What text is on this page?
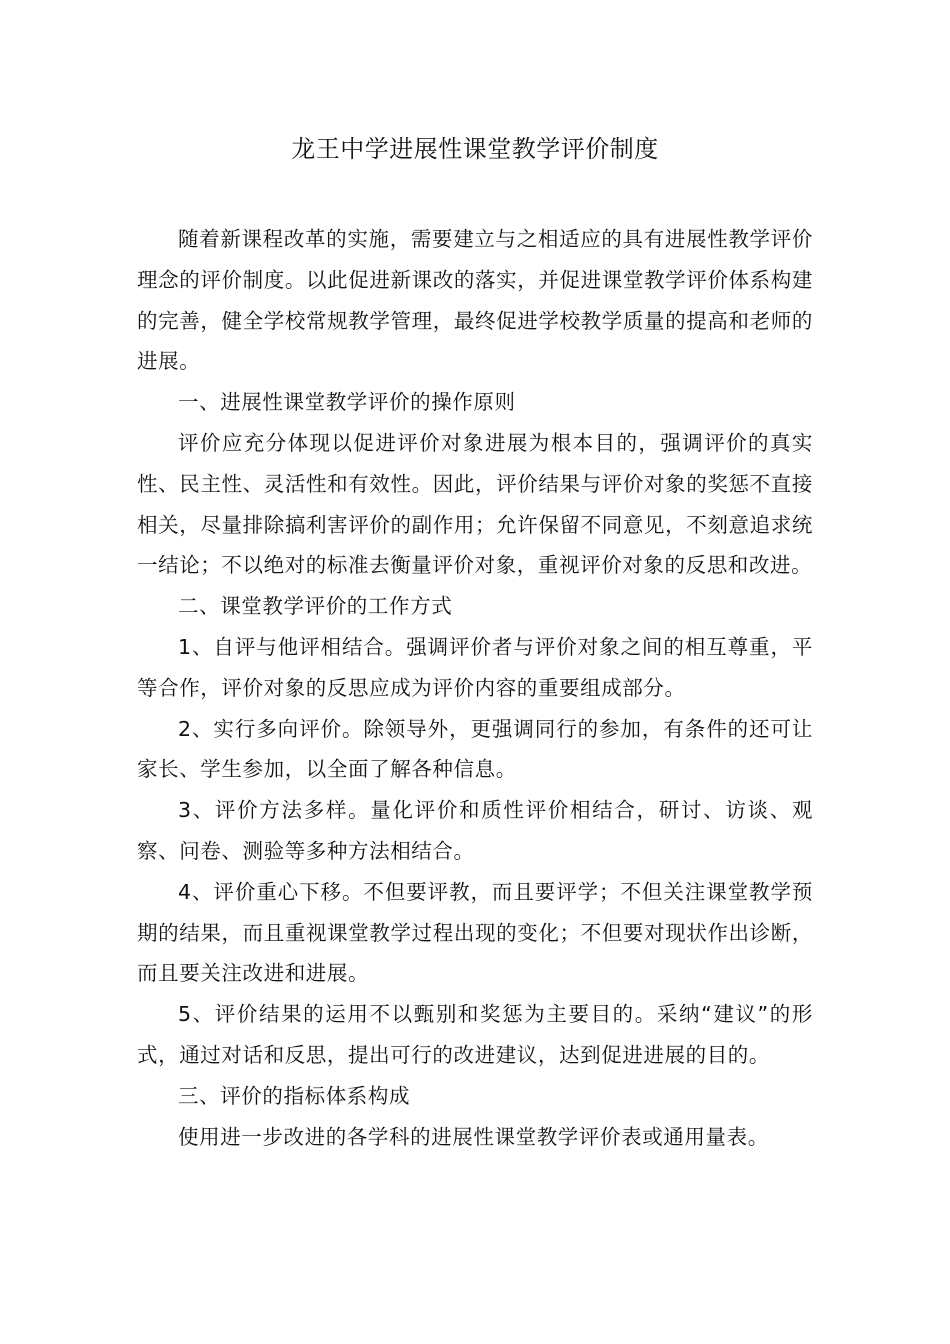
龙王中学进展性课堂教学评价制度

随着新课程改革的实施，需要建立与之相适应的具有进展性教学评价理念的评价制度。以此促进新课改的落实，并促进课堂教学评价体系构建的完善，健全学校常规教学管理，最终促进学校教学质量的提高和老师的进展。

一、进展性课堂教学评价的操作原则

评价应充分体现以促进评价对象进展为根本目的，强调评价的真实性、民主性、灵活性和有效性。因此，评价结果与评价对象的奖惩不直接相关，尽量排除搞利害评价的副作用；允许保留不同意见，不刻意追求统一结论；不以绝对的标准去衡量评价对象，重视评价对象的反思和改进。

二、课堂教学评价的工作方式

1、自评与他评相结合。强调评价者与评价对象之间的相互尊重，平等合作，评价对象的反思应成为评价内容的重要组成部分。

2、实行多向评价。除领导外，更强调同行的参加，有条件的还可让家长、学生参加，以全面了解各种信息。

3、评价方法多样。量化评价和质性评价相结合，研讨、访谈、观察、问卷、测验等多种方法相结合。

4、评价重心下移。不但要评教，而且要评学；不但关注课堂教学预期的结果，而且重视课堂教学过程出现的变化；不但要对现状作出诊断，而且要关注改进和进展。

5、评价结果的运用不以甄别和奖惩为主要目的。采纳“建议”的形式，通过对话和反思，提出可行的改进建议，达到促进进展的目的。

三、评价的指标体系构成

使用进一步改进的各学科的进展性课堂教学评价表或通用量表。
